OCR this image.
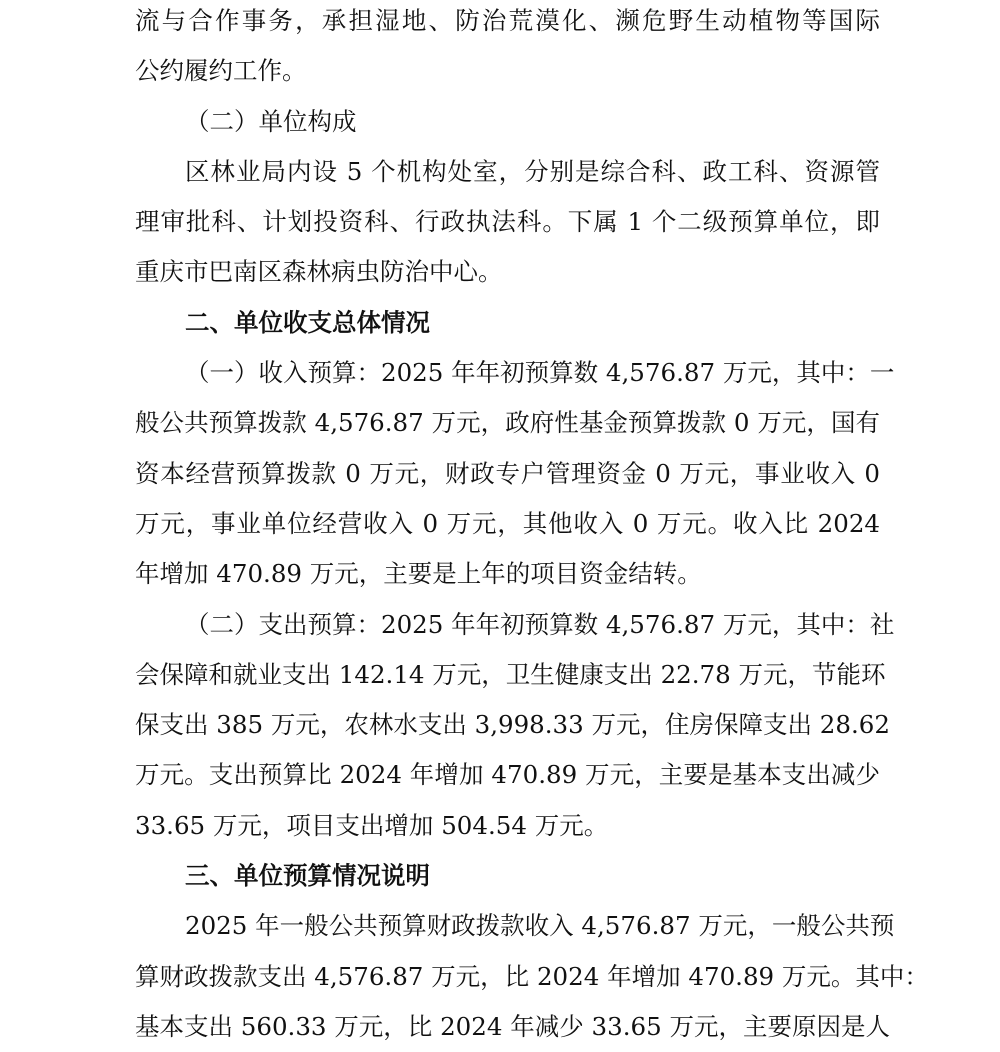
流与合作事务，承担湿地、防治荒漠化、濒危野生动植物等国际
公约履约工作。

（二）单位构成

区林业局内设 5 个机构处室，分别是综合科、政工科、资源管
理审批科、计划投资科、行政执法科。下属 1 个二级预算单位，即
重庆市巴南区森林病虫防治中心。

二、单位收支总体情况

（一）收入预算：2025 年年初预算数 4,576.87 万元，其中：一
般公共预算拨款 4,576.87 万元，政府性基金预算拨款 0 万元，国有
资本经营预算拨款 0 万元，财政专户管理资金 0 万元，事业收入 0
万元，事业单位经营收入 0 万元，其他收入 0 万元。收入比 2024
年增加 470.89 万元，主要是上年的项目资金结转。

（二）支出预算：2025 年年初预算数 4,576.87 万元，其中：社
会保障和就业支出 142.14 万元，卫生健康支出 22.78 万元，节能环
保支出 385 万元，农林水支出 3,998.33 万元，住房保障支出 28.62
万元。支出预算比 2024 年增加 470.89 万元，主要是基本支出减少
33.65 万元，项目支出增加 504.54 万元。

三、单位预算情况说明

2025 年一般公共预算财政拨款收入 4,576.87 万元，一般公共预
算财政拨款支出 4,576.87 万元，比 2024 年增加 470.89 万元。其中：
基本支出 560.33 万元，比 2024 年减少 33.65 万元，主要原因是人
